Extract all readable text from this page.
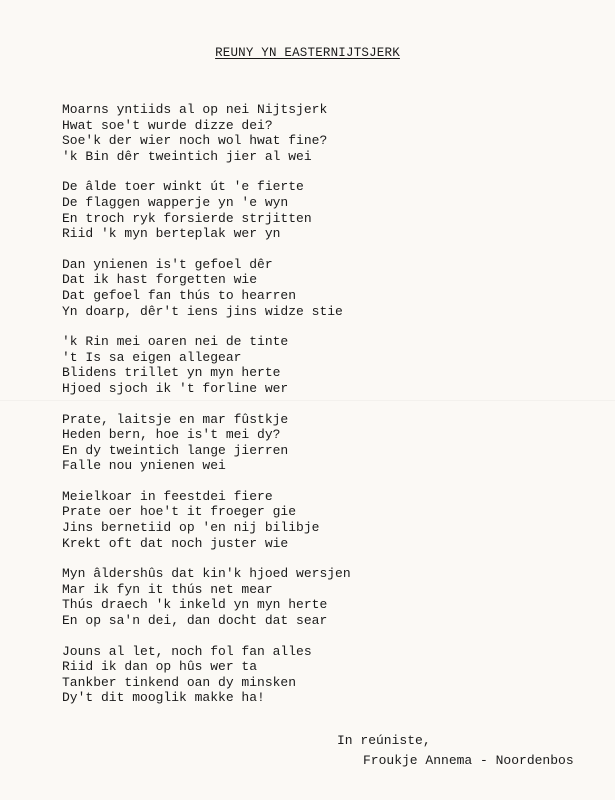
REUNY YN EASTERNIJTSJERK
Moarns yntiids al op nei Nijtsjerk
Hwat soe't wurde dizze dei?
Soe'k der wier noch wol hwat fine?
'k Bin dêr tweintich jier al wei
De âlde toer winkt út 'e fierte
De flaggen wapperje yn 'e wyn
En troch ryk forsierde strjitten
Riid 'k myn berteplak wer yn
Dan ynienen is't gefoel dêr
Dat ik hast forgetten wie
Dat gefoel fan thús to hearren
Yn doarp, dêr't iens jins widze stie
'k Rin mei oaren nei de tinte
't Is sa eigen allegear
Blidens trillet yn myn herte
Hjoed sjoch ik 't forline wer
Prate, laitsje en mar fûstkje
Heden bern, hoe is't mei dy?
En dy tweintich lange jierren
Falle nou ynienen wei
Meielkoar in feestdei fiere
Prate oer hoe't it froeger gie
Jins bernetiid op 'en nij bilibje
Krekt oft dat noch juster wie
Myn âldershûs dat kin'k hjoed wersjen
Mar ik fyn it thús net mear
Thús draech 'k inkeld yn myn herte
En op sa'n dei, dan docht dat sear
Jouns al let, noch fol fan alles
Riid ik dan op hûs wer ta
Tankber tinkend oan dy minsken
Dy't dit mooglik makke ha!
In reúniste,
Froukje Annema - Noordenbos
